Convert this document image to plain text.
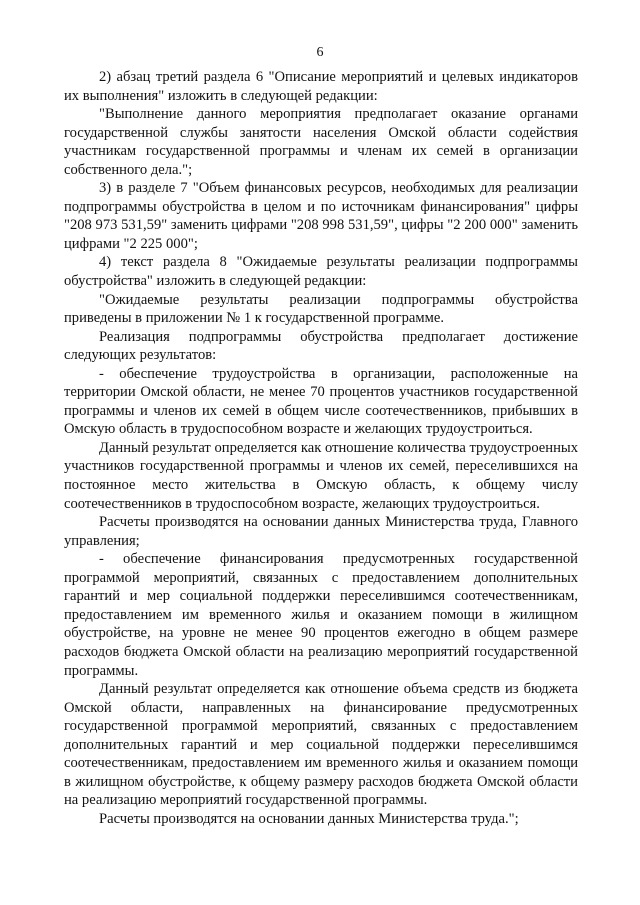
6

2) абзац третий раздела 6 "Описание мероприятий и целевых индикаторов их выполнения" изложить в следующей редакции:

"Выполнение данного мероприятия предполагает оказание органами государственной службы занятости населения Омской области содействия участникам государственной программы и членам их семей в организации собственного дела.";

3) в разделе 7 "Объем финансовых ресурсов, необходимых для реализации подпрограммы обустройства в целом и по источникам финансирования" цифры "208 973 531,59" заменить цифрами "208 998 531,59", цифры "2 200 000" заменить цифрами "2 225 000";

4) текст раздела 8 "Ожидаемые результаты реализации подпрограммы обустройства" изложить в следующей редакции:

"Ожидаемые результаты реализации подпрограммы обустройства приведены в приложении № 1 к государственной программе.

Реализация подпрограммы обустройства предполагает достижение следующих результатов:

- обеспечение трудоустройства в организации, расположенные на территории Омской области, не менее 70 процентов участников государственной программы и членов их семей в общем числе соотечественников, прибывших в Омскую область в трудоспособном возрасте и желающих трудоустроиться.

Данный результат определяется как отношение количества трудоустроенных участников государственной программы и членов их семей, переселившихся на постоянное место жительства в Омскую область, к общему числу соотечественников в трудоспособном возрасте, желающих трудоустроиться.

Расчеты производятся на основании данных Министерства труда, Главного управления;

- обеспечение финансирования предусмотренных государственной программой мероприятий, связанных с предоставлением дополнительных гарантий и мер социальной поддержки переселившимся соотечественникам, предоставлением им временного жилья и оказанием помощи в жилищном обустройстве, на уровне не менее 90 процентов ежегодно в общем размере расходов бюджета Омской области на реализацию мероприятий государственной программы.

Данный результат определяется как отношение объема средств из бюджета Омской области, направленных на финансирование предусмотренных государственной программой мероприятий, связанных с предоставлением дополнительных гарантий и мер социальной поддержки переселившимся соотечественникам, предоставлением им временного жилья и оказанием помощи в жилищном обустройстве, к общему размеру расходов бюджета Омской области на реализацию мероприятий государственной программы.

Расчеты производятся на основании данных Министерства труда.";
